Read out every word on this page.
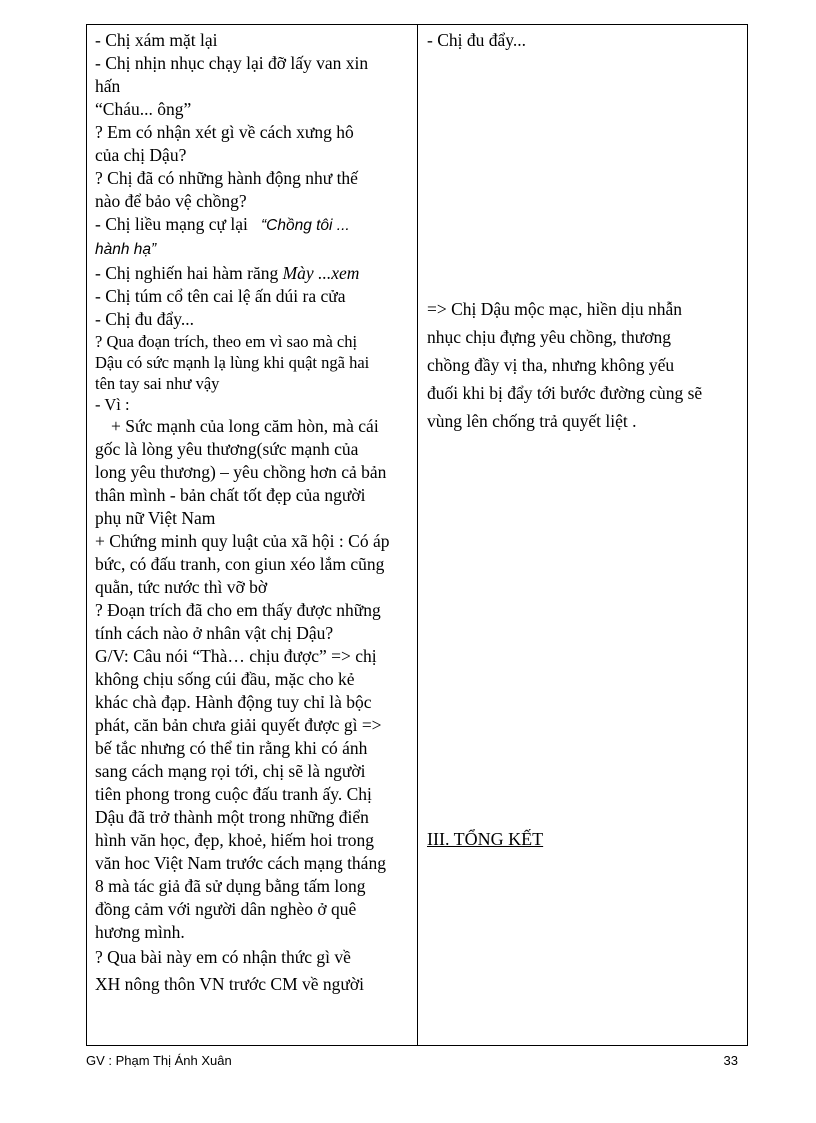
- Chị xám mặt lại
- Chị nhịn nhục chạy lại đỡ lấy van xin
hấn
“Cháu... ông”
? Em có nhận xét gì về cách xưng hô
của chị Dậu?
? Chị đã có những hành động như thế
nào để bảo vệ chồng?
- Chị liều mạng cự lại “Chồng tôi ...
hành hạ”
- Chị nghiến hai hàm răng Mày ...xem
- Chị túm cổ tên cai lệ ấn dúi ra cửa
- Chị đu đẩy...
? Qua đoạn trích, theo em vì sao mà chị
Dậu có sức mạnh lạ lùng khi quật ngã hai
tên tay sai như vậy
- Vì :
+ Sức mạnh của long căm hòn, mà cái
gốc là lòng yêu thương(sức mạnh của
long yêu thương) – yêu chồng hơn cả bản
thân mình - bản chất tốt đẹp của người
phụ nữ Việt Nam
+ Chứng minh quy luật của xã hội : Có áp
bức, có đấu tranh, con giun xéo lắm cũng
quằn, tức nước thì vỡ bờ
? Đoạn trích đã cho em thấy được những
tính cách nào ở nhân vật chị Dậu?
G/V: Câu nói “Thà… chịu được” => chị
không chịu sống cúi đầu, mặc cho kẻ
khác chà đạp. Hành động tuy chỉ là bộc
phát, căn bản chưa giải quyết được gì =>
bế tắc nhưng có thể tin rằng khi có ánh
sang cách mạng rọi tới, chị sẽ là người
tiên phong trong cuộc đấu tranh ấy. Chị
Dậu đã trở thành một trong những điển
hình văn học, đẹp, khoẻ, hiếm hoi trong
văn hoc Việt Nam trước cách mạng tháng
8 mà tác giả đã sử dụng bằng tấm long
đồng cảm với người dân nghèo ở quê
hương mình.
? Qua bài này em có nhận thức gì về
XH nông thôn VN trước CM về người
- Chị đu đẩy...
=> Chị Dậu mộc mạc, hiền dịu nhẫn
nhục chịu đựng yêu chồng, thương
chồng đầy vị tha, nhưng không yếu
đuối khi bị đẩy tới bước đường cùng sẽ
vùng lên chống trả quyết liệt .
III. TỔNG KẾT
GV : Phạm Thị Ánh Xuân	33
